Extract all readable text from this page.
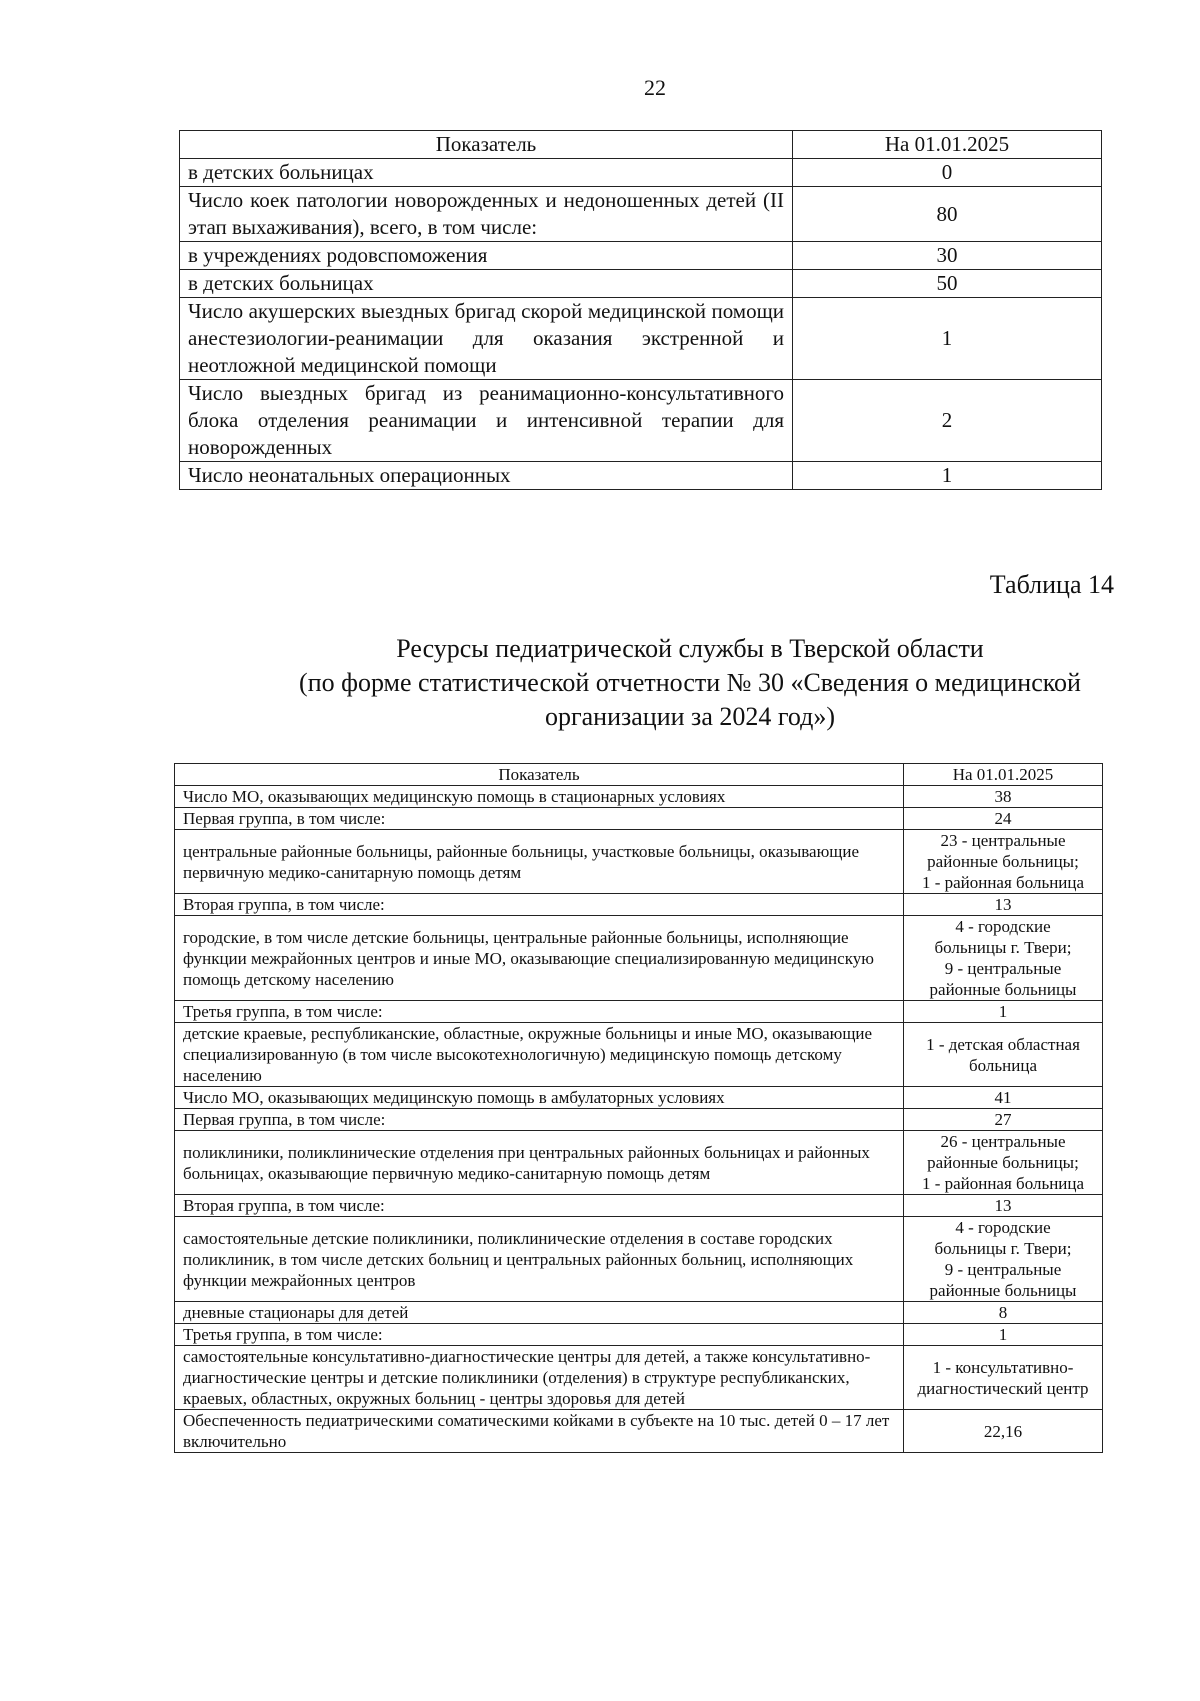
22
Показатель	На 01.01.2025
в детских больницах	0
Число коек патологии новорожденных и недоношенных детей (II этап выхаживания), всего, в том числе:	80
в учреждениях родовспоможения	30
в детских больницах	50
Число акушерских выездных бригад скорой медицинской помощи анестезиологии-реанимации для оказания экстренной и неотложной медицинской помощи	1
Число выездных бригад из реанимационно-консультативного блока отделения реанимации и интенсивной терапии для новорожденных	2
Число неонатальных операционных	1
Таблица 14
Ресурсы педиатрической службы в Тверской области
(по форме статистической отчетности № 30 «Сведения о медицинской организации за 2024 год»)
Показатель	На 01.01.2025
Число МО, оказывающих медицинскую помощь в стационарных условиях	38

Первая группа, в том числе:	24

центральные районные больницы, районные больницы, участковые больницы, оказывающие первичную медико-санитарную помощь детям	23 - центральные
районные больницы;
1 - районная больница

Вторая группа, в том числе:	13

городские, в том числе детские больницы, центральные районные больницы, исполняющие функции межрайонных центров и иные МО, оказывающие специализированную медицинскую помощь детскому населению	4 - городские
больницы г. Твери;
9 - центральные
районные больницы

Третья группа, в том числе:	1

детские краевые, республиканские, областные, окружные больницы и иные МО, оказывающие специализированную (в том числе высокотехнологичную) медицинскую помощь детскому населению	1 - детская областная
больница

Число МО, оказывающих медицинскую помощь в амбулаторных условиях	41

Первая группа, в том числе:	27

поликлиники, поликлинические отделения при центральных районных больницах и районных больницах, оказывающие первичную медико-санитарную помощь детям	26 - центральные
районные больницы;
1 - районная больница

Вторая группа, в том числе:	13

самостоятельные детские поликлиники, поликлинические отделения в составе городских поликлиник, в том числе детских больниц и центральных районных больниц, исполняющих функции межрайонных центров	4 - городские
больницы г. Твери;
9 - центральные
районные больницы

дневные стационары для детей	8

Третья группа, в том числе:	1

самостоятельные консультативно-диагностические центры для детей, а также консультативно-диагностические центры и детские поликлиники (отделения) в структуре республиканских, краевых, областных, окружных больниц - центры здоровья для детей	1 - консультативно-
диагностический центр

Обеспеченность педиатрическими соматическими койками в субъекте на 10 тыс. детей 0 – 17 лет включительно	22,16
